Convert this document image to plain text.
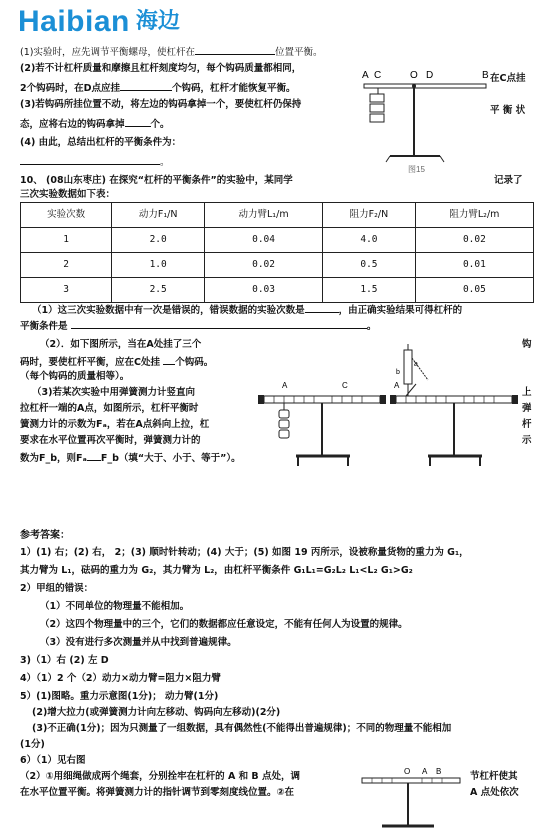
Haibian 海边
(1)实验时，应先调节平衡螺母，使杠杆在	位置平衡。
(2)若不计杠杆质量和摩擦且杠杆刻度均匀，每个钩码质量都相同，
2个钩码时，在D点应挂	个钩码，杠杆才能恢复平衡。
(3)若钩码所挂位置不动，将左边的钩码拿掉一个，要使杠杆仍保持
态，应将右边的钩码拿掉	个。
(4) 由此，总结出杠杆的平衡条件为：
。
在C点挂
平 衡 状
A C	O D	B
图15
10、 (08山东枣庄) 在探究“杠杆的平衡条件”的实验中，某同学	记录了
三次实验数据如下表：
实验次数	动力F₁/N	动力臂L₁/m	阻力F₂/N	阻力臂L₂/m
1	2.0	0.04	4.0	0.02
2	1.0	0.02	0.5	0.01
3	2.5	0.03	1.5	0.05
（1）这三次实验数据中有一次是错误的，错误数据的实验次数是	，由正确实验结果可得杠杆的
平衡条件是	。
（2）．如下图所示，当在A处挂了三个	钩
码时，要使杠杆平衡，应在C处挂 个钩码。
（每个钩码的质量相等）。
（3)若某次实验中用弹簧测力计竖直向
拉杠杆一端的A点，如图所示，杠杆平衡时
簧测力计的示数为Fₐ，若在A点斜向上拉，杠
要求在水平位置再次平衡时，弹簧测力计的
数为F_b，则Fₐ F_b（填“大于、小于、等于”）。
上
弹
杆
示
A	C	A
b
a
参考答案：
1）(1) 右；(2) 右， 2；(3) 顺时针转动；(4) 大于；(5) 如图 19 丙所示，设被称量货物的重力为 G₁，
其力臂为 L₁，砝码的重力为 G₂，其力臂为 L₂，由杠杆平衡条件 G₁L₁=G₂L₂ L₁<L₂ G₁>G₂
2）甲组的错误：
（1）不同单位的物理量不能相加。
（2）这四个物理量中的三个，它们的数据都应任意设定，不能有任何人为设置的规律。
（3）没有进行多次测量并从中找到普遍规律。
3)（1）右 (2) 左 D
4）（1）2 个（2）动力×动力臂=阻力×阻力臂
5）(1)图略。重力示意图(1分)； 动力臂(1分)
(2)增大拉力(或弹簧测力计向左移动、钩码向左移动)(2分)
(3)不正确(1分)；因为只测量了一组数据，具有偶然性(不能得出普遍规律)；不同的物理量不能相加
(1分)
6）（1）见右图
（2）①用细绳做成两个绳套，分别拴牢在杠杆的 A 和 B 点处，调
在水平位置平衡。将弹簧测力计的指针调节到零刻度线位置。②在
节杠杆使其
A 点处依次
O A B
